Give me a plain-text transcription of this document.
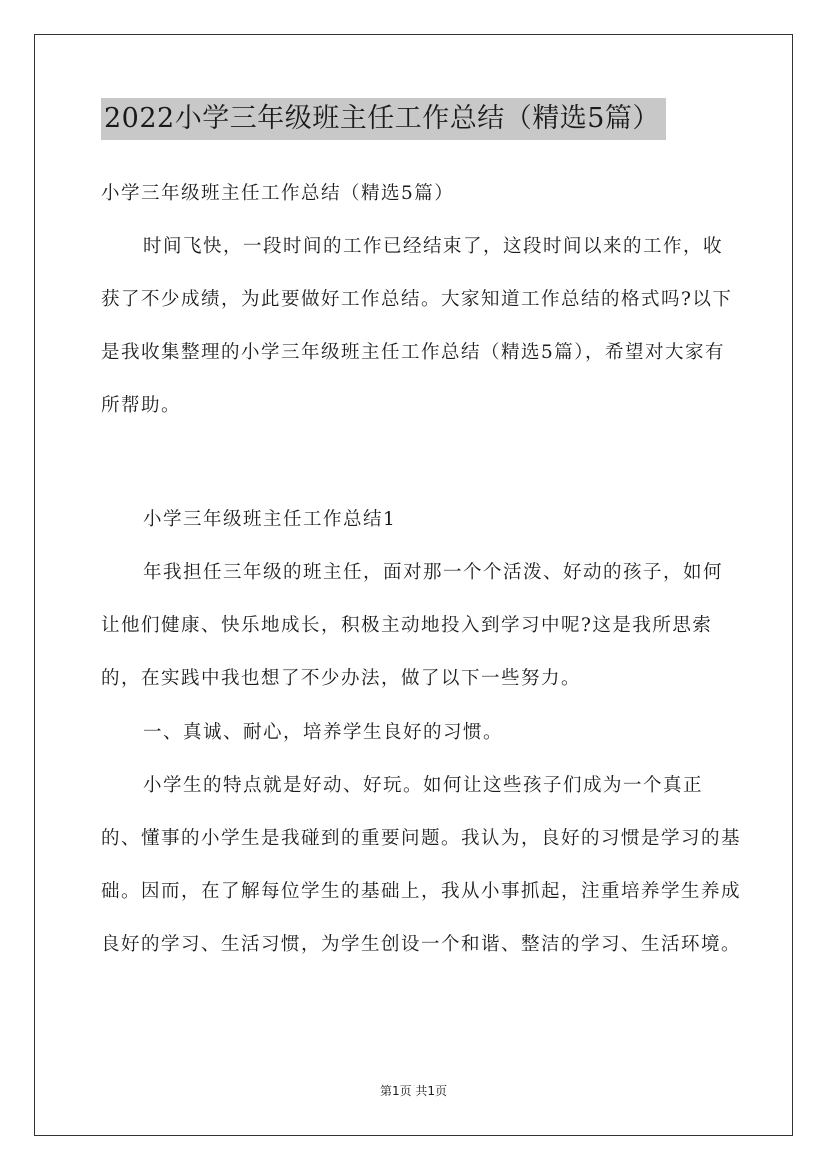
2022小学三年级班主任工作总结（精选5篇）

小学三年级班主任工作总结（精选5篇）

时间飞快，一段时间的工作已经结束了，这段时间以来的工作，收获了不少成绩，为此要做好工作总结。大家知道工作总结的格式吗?以下是我收集整理的小学三年级班主任工作总结（精选5篇），希望对大家有所帮助。

小学三年级班主任工作总结1

年我担任三年级的班主任，面对那一个个活泼、好动的孩子，如何让他们健康、快乐地成长，积极主动地投入到学习中呢?这是我所思索的，在实践中我也想了不少办法，做了以下一些努力。

一、真诚、耐心，培养学生良好的习惯。

小学生的特点就是好动、好玩。如何让这些孩子们成为一个真正的、懂事的小学生是我碰到的重要问题。我认为，良好的习惯是学习的基础。因而，在了解每位学生的基础上，我从小事抓起，注重培养学生养成良好的学习、生活习惯，为学生创设一个和谐、整洁的学习、生活环境。

第1页 共1页
